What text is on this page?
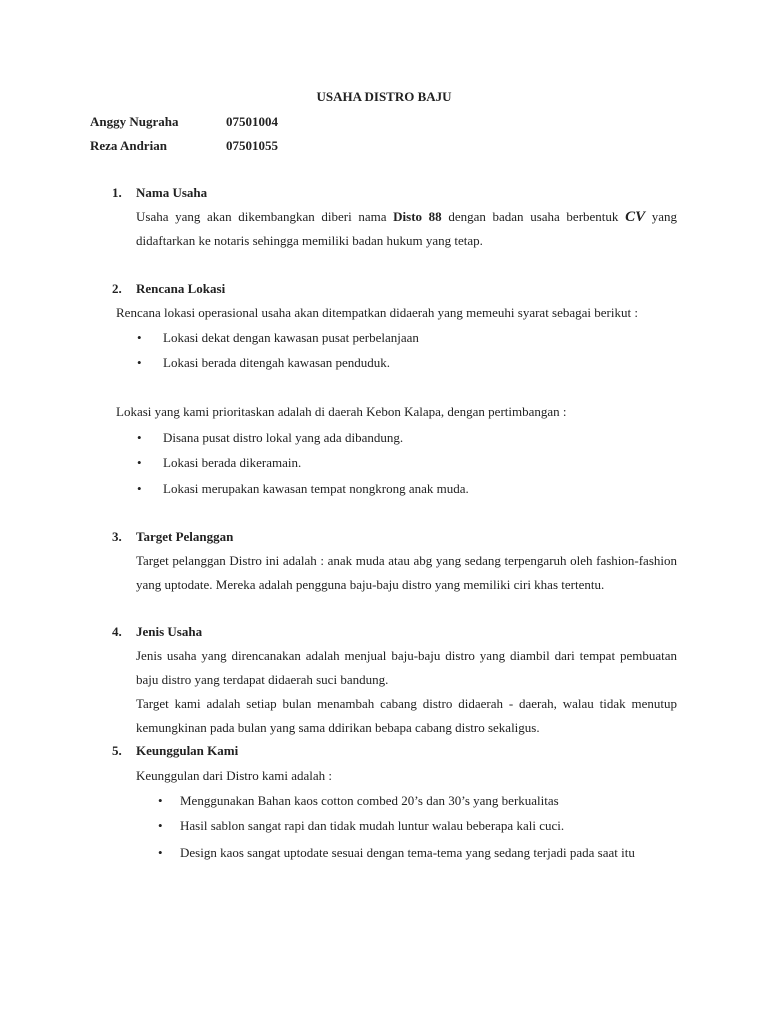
USAHA DISTRO BAJU
Anggy Nugraha	07501004
Reza Andrian	07501055
1. Nama Usaha
Usaha yang akan dikembangkan diberi nama Disto 88 dengan badan usaha berbentuk CV yang didaftarkan ke notaris sehingga memiliki badan hukum yang tetap.
2. Rencana Lokasi
Rencana lokasi operasional usaha akan ditempatkan didaerah yang memeuhi syarat sebagai berikut :
• Lokasi dekat dengan kawasan pusat perbelanjaan
• Lokasi berada ditengah kawasan penduduk.
Lokasi yang kami prioritaskan adalah di daerah Kebon Kalapa, dengan pertimbangan :
• Disana pusat distro lokal yang ada dibandung.
• Lokasi berada dikeramain.
• Lokasi merupakan kawasan tempat nongkrong anak muda.
3. Target Pelanggan
Target pelanggan Distro ini adalah : anak muda atau abg yang sedang terpengaruh oleh fashion-fashion yang uptodate. Mereka adalah pengguna baju-baju distro yang memiliki ciri khas tertentu.
4. Jenis Usaha
Jenis usaha yang direncanakan adalah menjual baju-baju distro yang diambil dari tempat pembuatan baju distro yang terdapat didaerah suci bandung.
Target kami adalah setiap bulan menambah cabang distro didaerah - daerah, walau tidak menutup kemungkinan pada bulan yang sama ddirikan bebapa cabang distro sekaligus.
5. Keunggulan Kami
Keunggulan dari Distro kami adalah :
• Menggunakan Bahan kaos cotton combed 20’s dan 30’s yang berkualitas
• Hasil sablon sangat rapi dan tidak mudah luntur walau beberapa kali cuci.
• Design kaos sangat uptodate sesuai dengan tema-tema yang sedang terjadi pada saat itu
